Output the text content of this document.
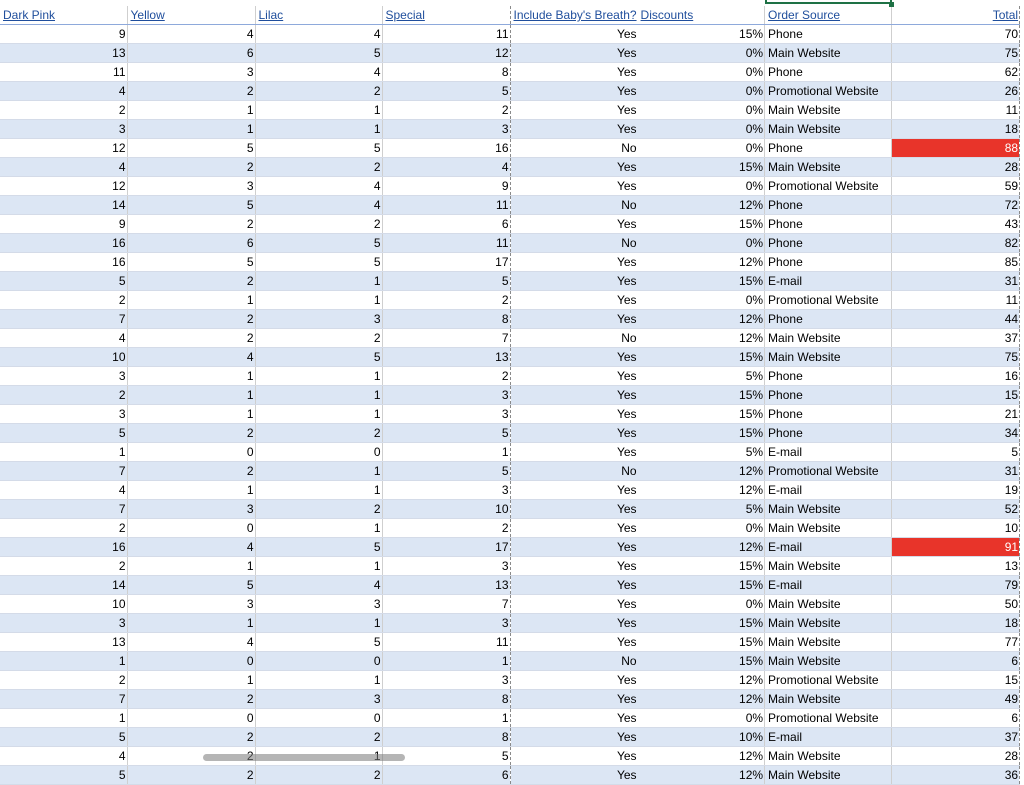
Dark Pink	Yellow	Lilac	Special	Include Baby's Breath?	Discounts	Order Source	Total
9	4	4	11	Yes	15%	Phone	70
13	6	5	12	Yes	0%	Main Website	75
11	3	4	8	Yes	0%	Phone	62
4	2	2	5	Yes	0%	Promotional Website	26
2	1	1	2	Yes	0%	Main Website	11
3	1	1	3	Yes	0%	Main Website	18
12	5	5	16	No	0%	Phone	88
4	2	2	4	Yes	15%	Main Website	28
12	3	4	9	Yes	0%	Promotional Website	59
14	5	4	11	No	12%	Phone	72
9	2	2	6	Yes	15%	Phone	43
16	6	5	11	No	0%	Phone	82
16	5	5	17	Yes	12%	Phone	85
5	2	1	5	Yes	15%	E-mail	31
2	1	1	2	Yes	0%	Promotional Website	11
7	2	3	8	Yes	12%	Phone	44
4	2	2	7	No	12%	Main Website	37
10	4	5	13	Yes	15%	Main Website	75
3	1	1	2	Yes	5%	Phone	16
2	1	1	3	Yes	15%	Phone	15
3	1	1	3	Yes	15%	Phone	21
5	2	2	5	Yes	15%	Phone	34
1	0	0	1	Yes	5%	E-mail	5
7	2	1	5	No	12%	Promotional Website	31
4	1	1	3	Yes	12%	E-mail	19
7	3	2	10	Yes	5%	Main Website	52
2	0	1	2	Yes	0%	Main Website	10
16	4	5	17	Yes	12%	E-mail	91
2	1	1	3	Yes	15%	Main Website	13
14	5	4	13	Yes	15%	E-mail	79
10	3	3	7	Yes	0%	Main Website	50
3	1	1	3	Yes	15%	Main Website	18
13	4	5	11	Yes	15%	Main Website	77
1	0	0	1	No	15%	Main Website	6
2	1	1	3	Yes	12%	Promotional Website	15
7	2	3	8	Yes	12%	Main Website	49
1	0	0	1	Yes	0%	Promotional Website	6
5	2	2	8	Yes	10%	E-mail	37
4			5	Yes	12%	Main Website	28
5	2	2	6	Yes	12%	Main Website	36
